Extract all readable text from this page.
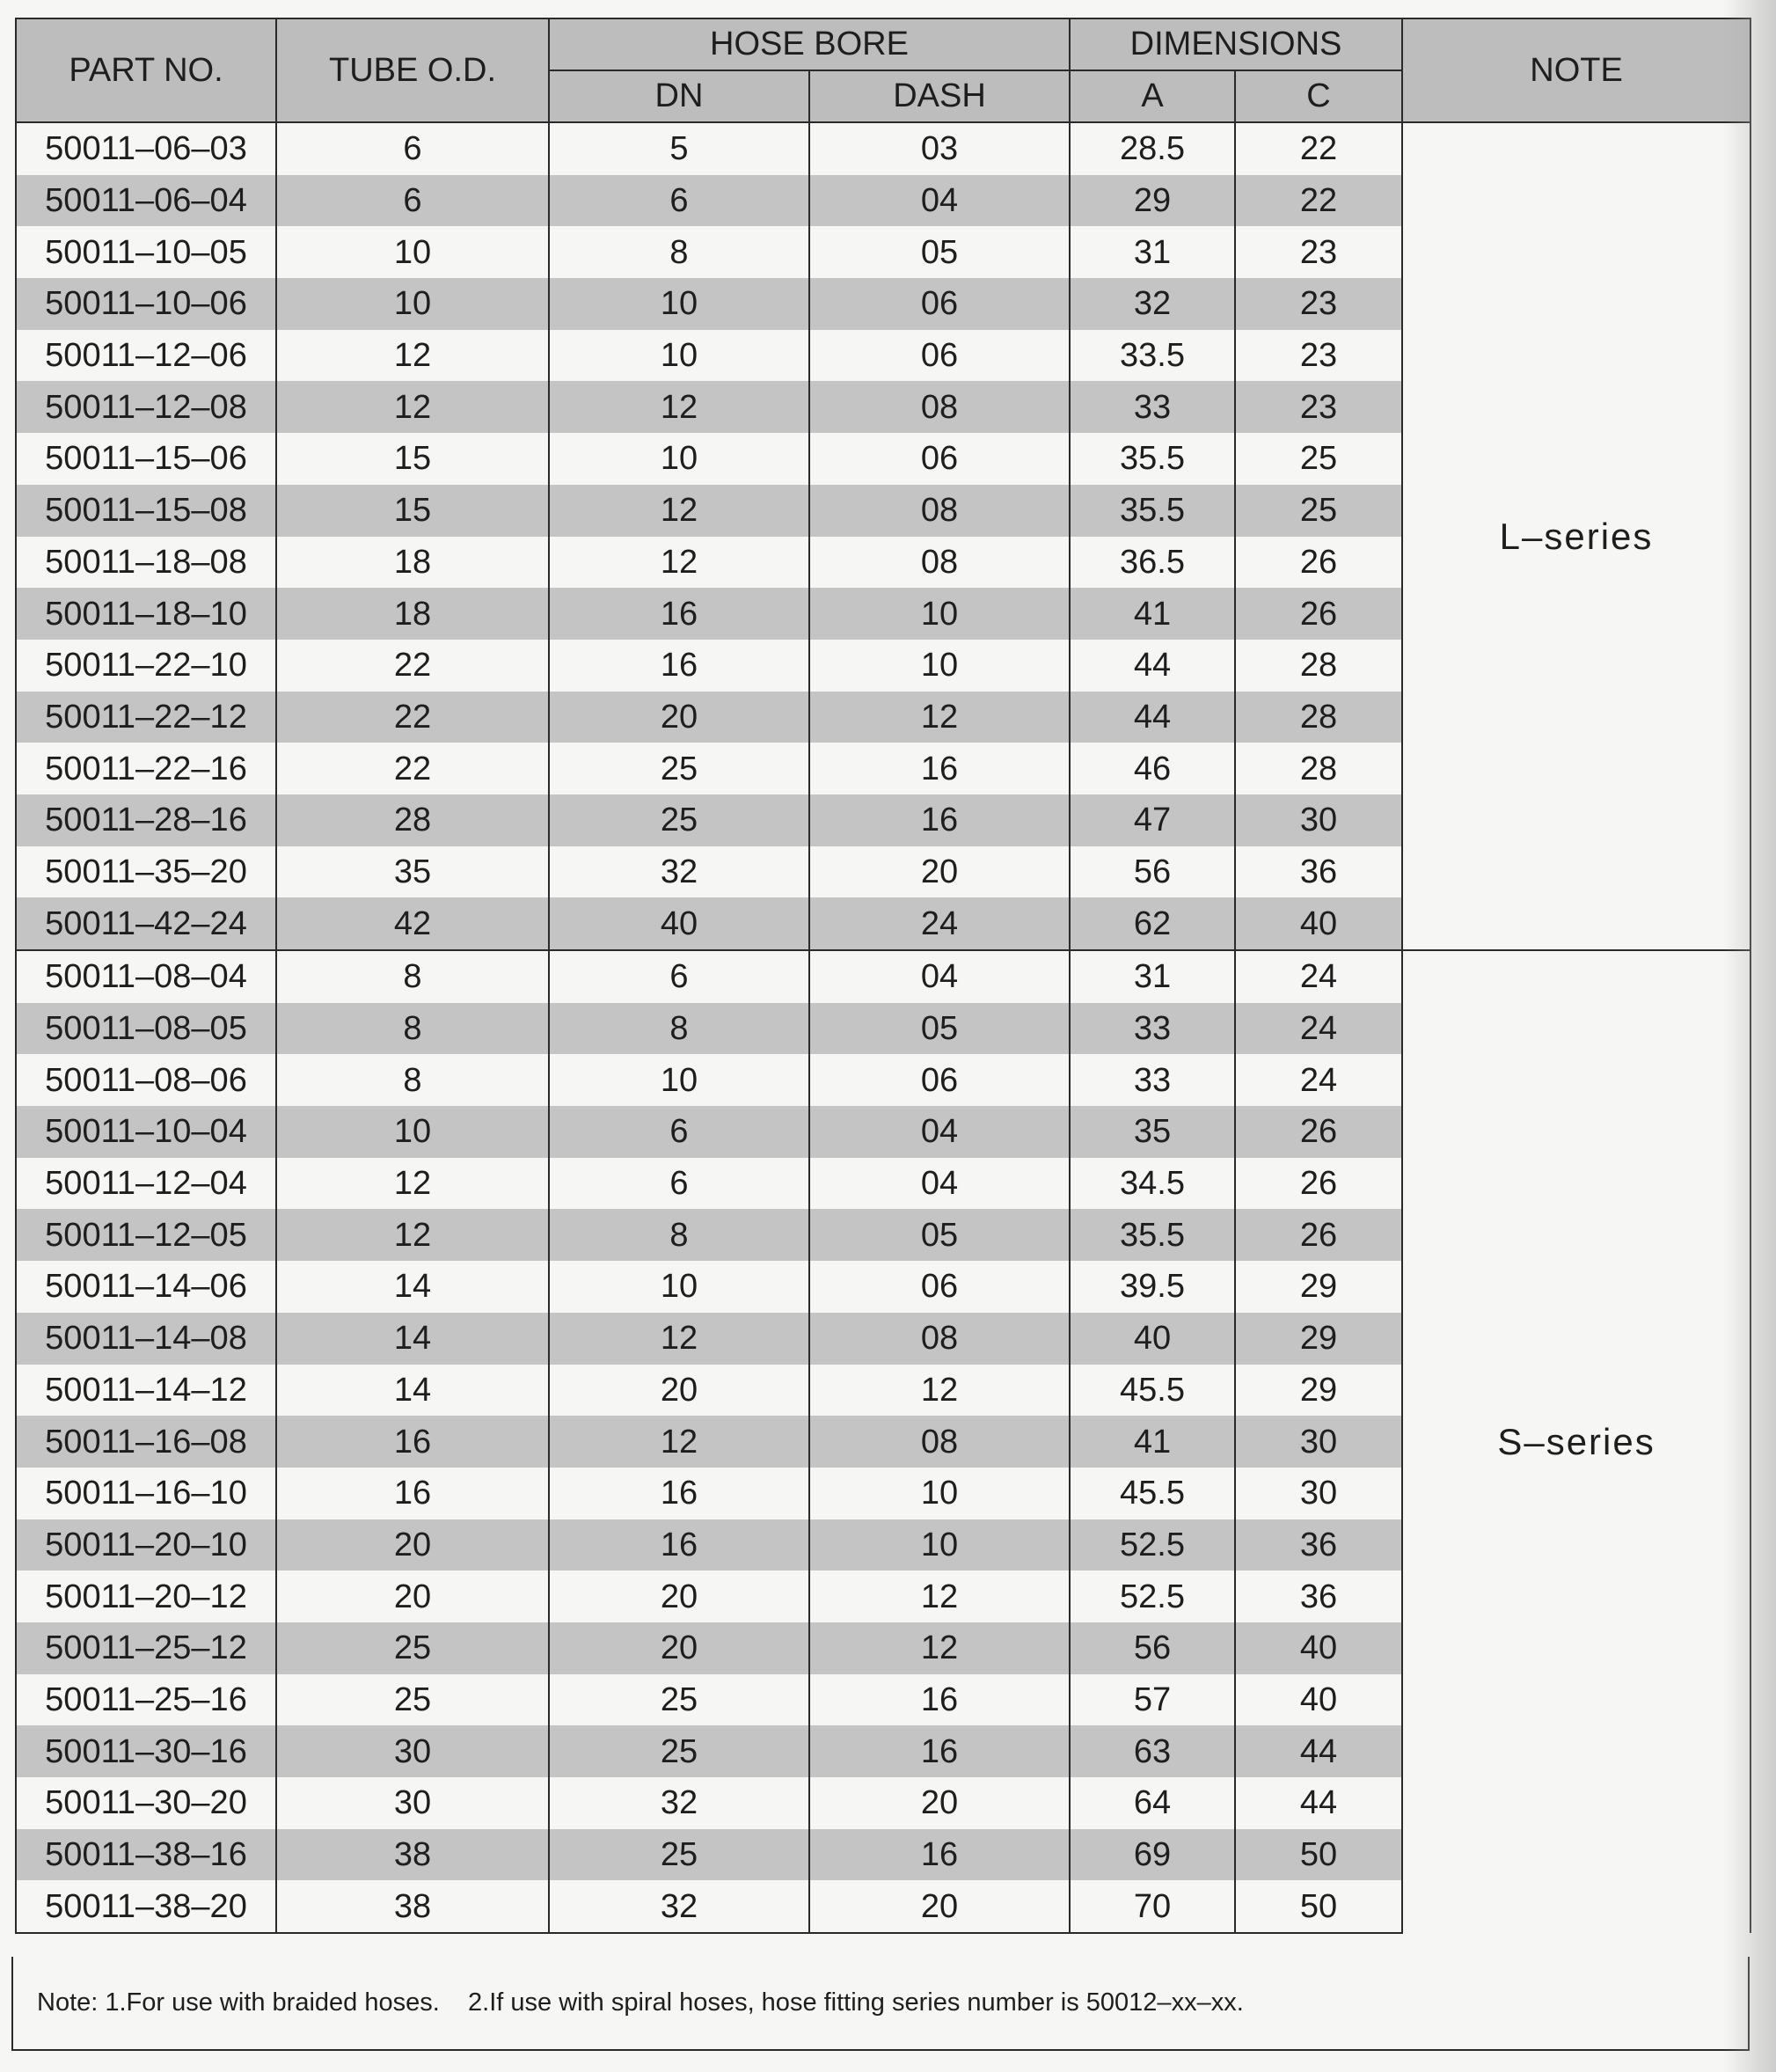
PART NO.	TUBE O.D.	HOSE BORE		DIMENSIONS		NOTE
		DN	DASH	A	C	
50011–06–03	6	5	03	28.5	22	L–series
50011–06–04	6	6	04	29	22	
50011–10–05	10	8	05	31	23	
50011–10–06	10	10	06	32	23	
50011–12–06	12	10	06	33.5	23	
50011–12–08	12	12	08	33	23	
50011–15–06	15	10	06	35.5	25	
50011–15–08	15	12	08	35.5	25	
50011–18–08	18	12	08	36.5	26	
50011–18–10	18	16	10	41	26	
50011–22–10	22	16	10	44	28	
50011–22–12	22	20	12	44	28	
50011–22–16	22	25	16	46	28	
50011–28–16	28	25	16	47	30	
50011–35–20	35	32	20	56	36	
50011–42–24	42	40	24	62	40	
50011–08–04	8	6	04	31	24	S–series
50011–08–05	8	8	05	33	24	
50011–08–06	8	10	06	33	24	
50011–10–04	10	6	04	35	26	
50011–12–04	12	6	04	34.5	26	
50011–12–05	12	8	05	35.5	26	
50011–14–06	14	10	06	39.5	29	
50011–14–08	14	12	08	40	29	
50011–14–12	14	20	12	45.5	29	
50011–16–08	16	12	08	41	30	
50011–16–10	16	16	10	45.5	30	
50011–20–10	20	16	10	52.5	36	
50011–20–12	20	20	12	52.5	36	
50011–25–12	25	20	12	56	40	
50011–25–16	25	25	16	57	40	
50011–30–16	30	25	16	63	44	
50011–30–20	30	32	20	64	44	
50011–38–16	38	25	16	69	50	
50011–38–20	38	32	20	70	50	
Note: 1.For use with braided hoses.    2.If use with spiral hoses, hose fitting series number is 50012–xx–xx.
